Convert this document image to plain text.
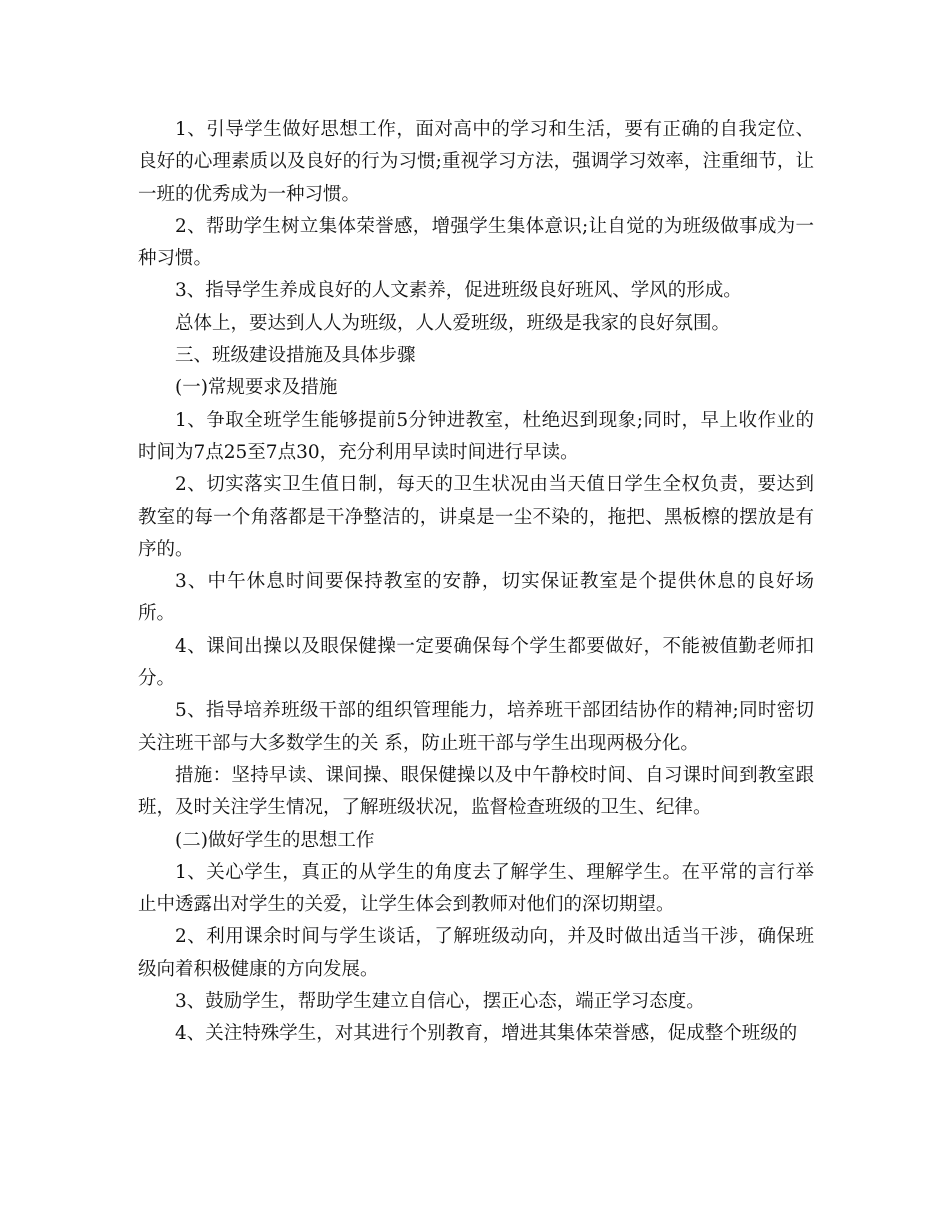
1、引导学生做好思想工作，面对高中的学习和生活，要有正确的自我定位、良好的心理素质以及良好的行为习惯;重视学习方法，强调学习效率，注重细节，让一班的优秀成为一种习惯。

2、帮助学生树立集体荣誉感，增强学生集体意识;让自觉的为班级做事成为一种习惯。

3、指导学生养成良好的人文素养，促进班级良好班风、学风的形成。

总体上，要达到人人为班级，人人爱班级，班级是我家的良好氛围。

三、班级建设措施及具体步骤

(一)常规要求及措施

1、争取全班学生能够提前5分钟进教室，杜绝迟到现象;同时，早上收作业的时间为7点25至7点30，充分利用早读时间进行早读。

2、切实落实卫生值日制，每天的卫生状况由当天值日学生全权负责，要达到教室的每一个角落都是干净整洁的，讲桌是一尘不染的，拖把、黑板檫的摆放是有序的。

3、中午休息时间要保持教室的安静，切实保证教室是个提供休息的良好场所。

4、课间出操以及眼保健操一定要确保每个学生都要做好，不能被值勤老师扣分。

5、指导培养班级干部的组织管理能力，培养班干部团结协作的精神;同时密切关注班干部与大多数学生的关 系，防止班干部与学生出现两极分化。

措施：坚持早读、课间操、眼保健操以及中午静校时间、自习课时间到教室跟班，及时关注学生情况，了解班级状况，监督检查班级的卫生、纪律。

(二)做好学生的思想工作

1、关心学生，真正的从学生的角度去了解学生、理解学生。在平常的言行举止中透露出对学生的关爱，让学生体会到教师对他们的深切期望。

2、利用课余时间与学生谈话，了解班级动向，并及时做出适当干涉，确保班级向着积极健康的方向发展。

3、鼓励学生，帮助学生建立自信心，摆正心态，端正学习态度。

4、关注特殊学生，对其进行个别教育，增进其集体荣誉感，促成整个班级的
